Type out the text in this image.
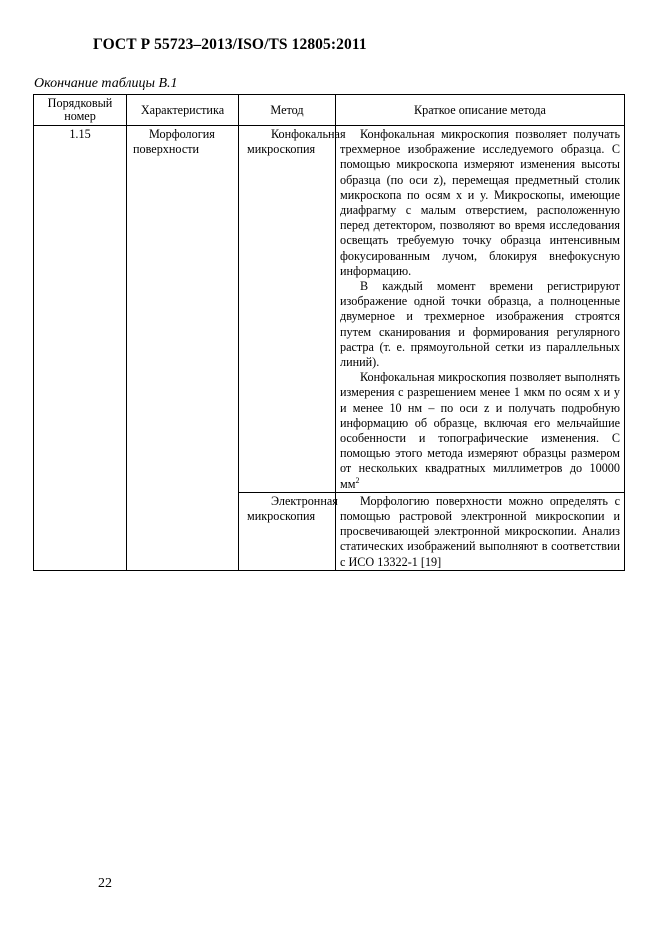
ГОСТ Р 55723–2013/ISO/TS 12805:2011
Окончание таблицы В.1
Порядковый номер	Характеристика	Метод	Краткое описание метода
1.15	Морфология поверхности	Конфокальная микроскопия	Конфокальная микроскопия позволяет получать трехмерное изображение исследуемого образца. С помощью микроскопа измеряют изменения высоты образца (по оси z), перемещая предметный столик микроскопа по осям x и y. Микроскопы, имеющие диафрагму с малым отверстием, расположенную перед детектором, позволяют во время исследования освещать требуемую точку образца интенсивным фокусированным лучом, блокируя внефокусную информацию.

В каждый момент времени регистрируют изображение одной точки образца, а полноценные двумерное и трехмерное изображения строятся путем сканирования и формирования регулярного растра (т. е. прямоугольной сетки из параллельных линий).

Конфокальная микроскопия позволяет выполнять измерения с разрешением менее 1 мкм по осям x и y и менее 10 нм – по оси z и получать подробную информацию об образце, включая его мельчайшие особенности и топографические изменения. С помощью этого метода измеряют образцы размером от нескольких квадратных миллиметров до 10000 $мм^2$

		Электронная микроскопия	Морфологию поверхности можно определять с помощью растровой электронной микроскопии и просвечивающей электронной микроскопии. Анализ статических изображений выполняют в соответствии с ИСО 13322-1 [19]

22
